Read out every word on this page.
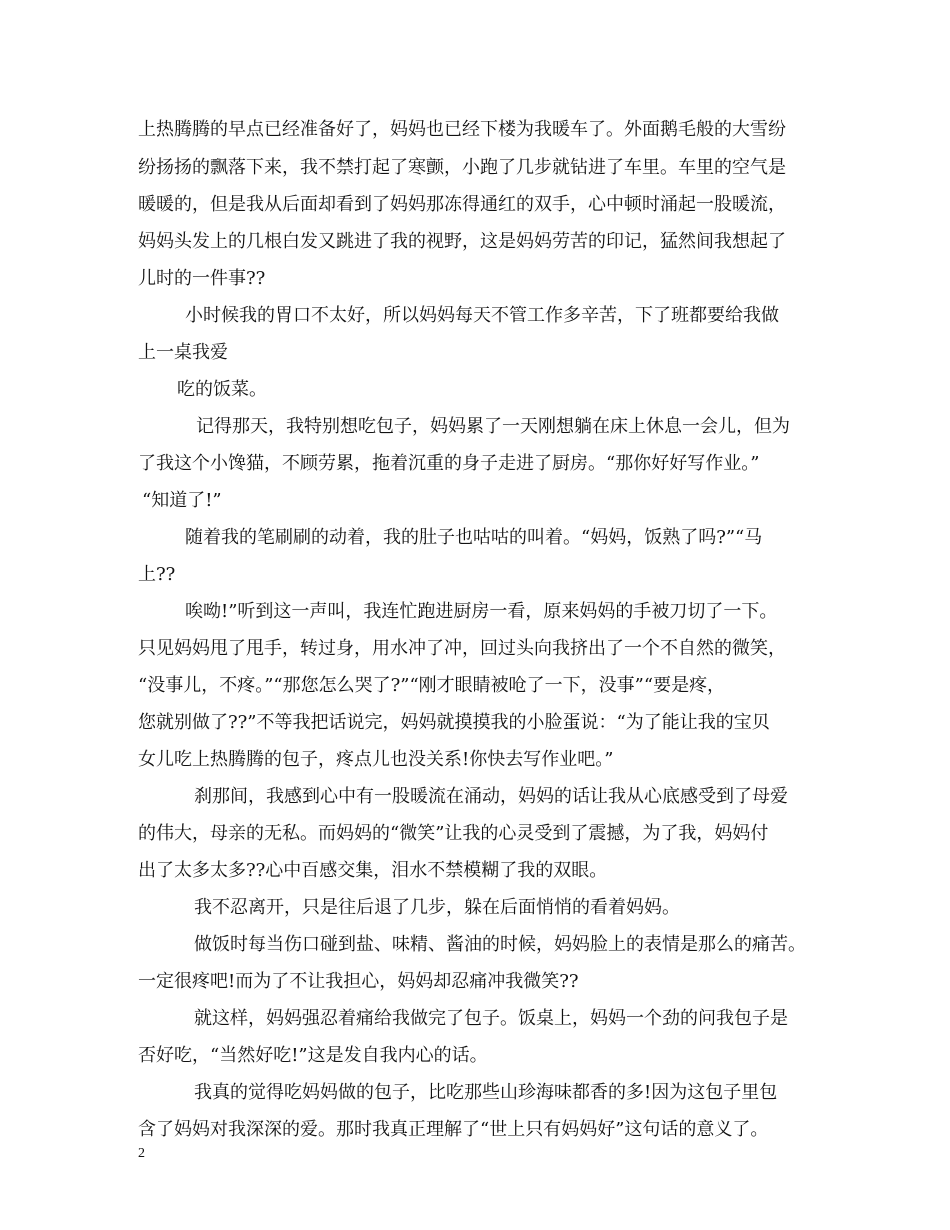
上热腾腾的早点已经准备好了，妈妈也已经下楼为我暖车了。外面鹅毛般的大雪纷
纷扬扬的飘落下来，我不禁打起了寒颤，小跑了几步就钻进了车里。车里的空气是
暖暖的，但是我从后面却看到了妈妈那冻得通红的双手，心中顿时涌起一股暖流，
妈妈头发上的几根白发又跳进了我的视野，这是妈妈劳苦的印记，猛然间我想起了
儿时的一件事??
小时候我的胃口不太好，所以妈妈每天不管工作多辛苦，下了班都要给我做
上一桌我爱
吃的饭菜。
记得那天，我特别想吃包子，妈妈累了一天刚想躺在床上休息一会儿，但为
了我这个小馋猫，不顾劳累，拖着沉重的身子走进了厨房。“那你好好写作业。”
“知道了!”
随着我的笔刷刷的动着，我的肚子也咕咕的叫着。“妈妈，饭熟了吗?”“马
上??
唉呦!”听到这一声叫，我连忙跑进厨房一看，原来妈妈的手被刀切了一下。
只见妈妈甩了甩手，转过身，用水冲了冲，回过头向我挤出了一个不自然的微笑，
“没事儿，不疼。”“那您怎么哭了?”“刚才眼睛被呛了一下，没事”“要是疼，
您就别做了??”不等我把话说完，妈妈就摸摸我的小脸蛋说：“为了能让我的宝贝
女儿吃上热腾腾的包子，疼点儿也没关系!你快去写作业吧。”
刹那间，我感到心中有一股暖流在涌动，妈妈的话让我从心底感受到了母爱
的伟大，母亲的无私。而妈妈的“微笑”让我的心灵受到了震撼，为了我，妈妈付
出了太多太多??心中百感交集，泪水不禁模糊了我的双眼。
我不忍离开，只是往后退了几步，躲在后面悄悄的看着妈妈。
做饭时每当伤口碰到盐、味精、酱油的时候，妈妈脸上的表情是那么的痛苦。
一定很疼吧!而为了不让我担心，妈妈却忍痛冲我微笑??
就这样，妈妈强忍着痛给我做完了包子。饭桌上，妈妈一个劲的问我包子是
否好吃，“当然好吃!”这是发自我内心的话。
我真的觉得吃妈妈做的包子，比吃那些山珍海味都香的多!因为这包子里包
含了妈妈对我深深的爱。那时我真正理解了“世上只有妈妈好”这句话的意义了。
2
